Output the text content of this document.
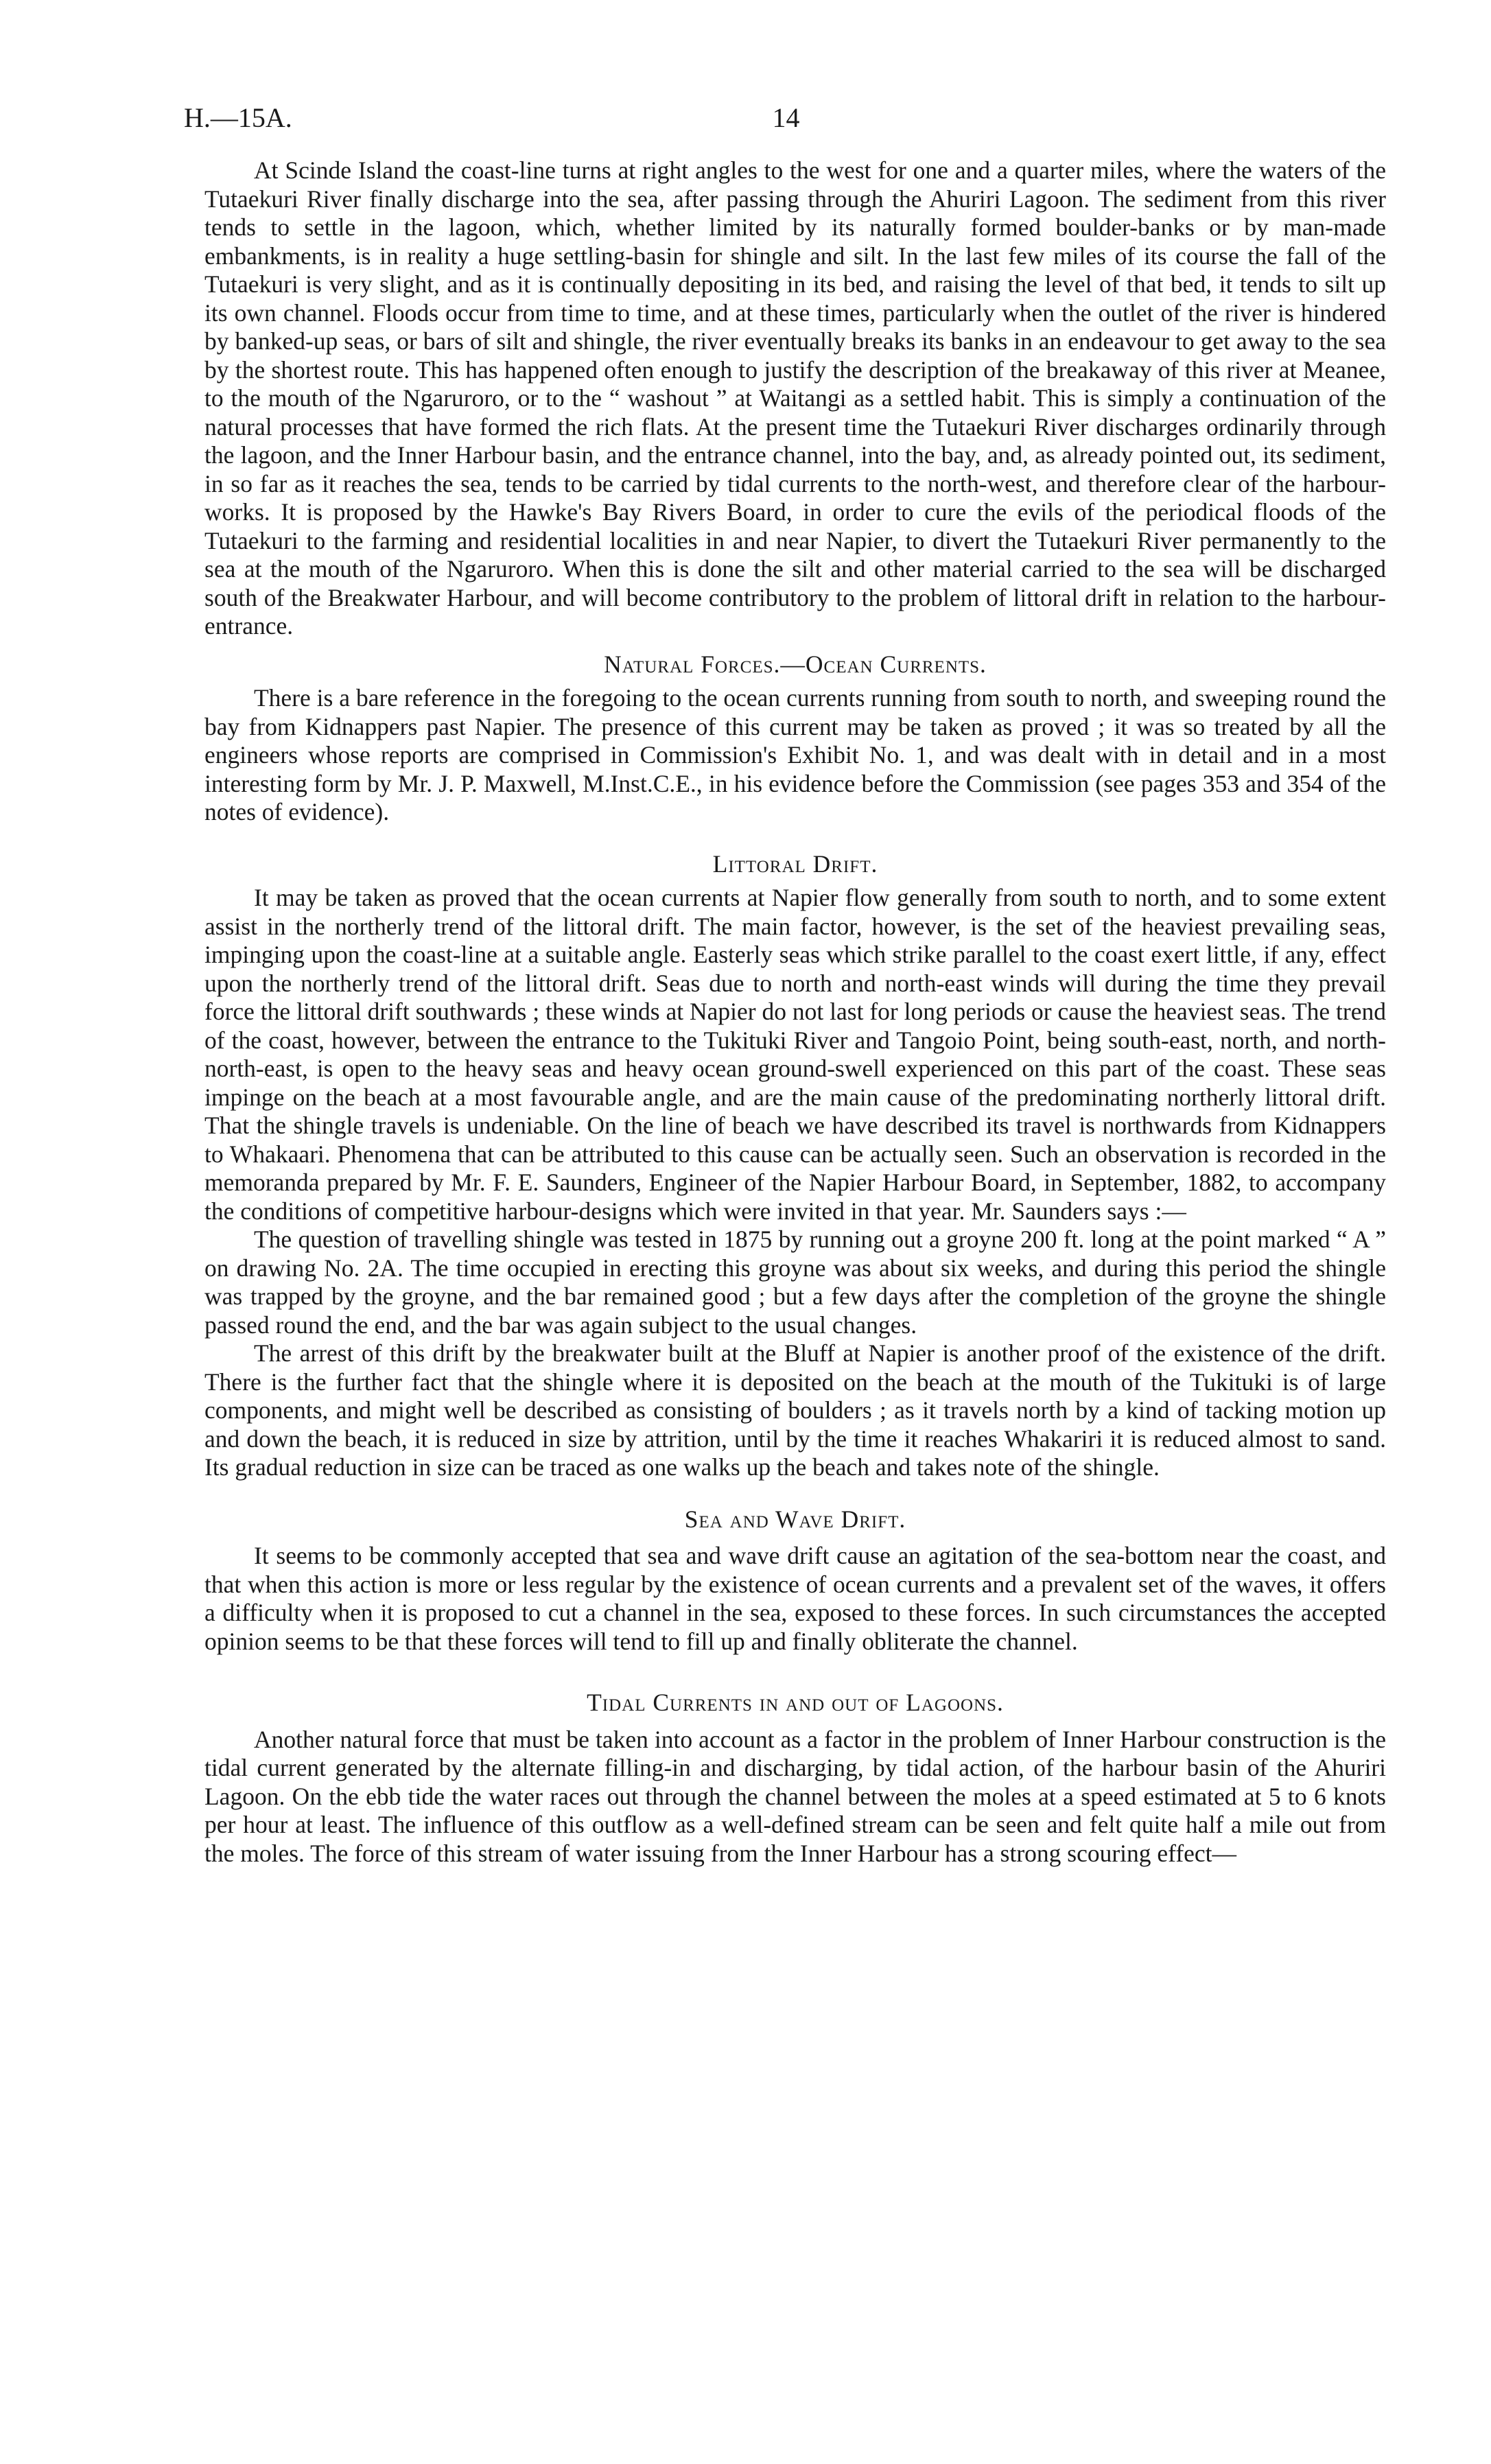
H.—15A.	14

At Scinde Island the coast-line turns at right angles to the west for one and a quarter miles, where the waters of the Tutaekuri River finally discharge into the sea, after passing through the Ahuriri Lagoon. The sediment from this river tends to settle in the lagoon, which, whether limited by its naturally formed boulder-banks or by man-made embankments, is in reality a huge settling-basin for shingle and silt. In the last few miles of its course the fall of the Tutaekuri is very slight, and as it is continually depositing in its bed, and raising the level of that bed, it tends to silt up its own channel. Floods occur from time to time, and at these times, particularly when the outlet of the river is hindered by banked-up seas, or bars of silt and shingle, the river eventually breaks its banks in an endeavour to get away to the sea by the shortest route. This has happened often enough to justify the description of the breakaway of this river at Meanee, to the mouth of the Ngaruroro, or to the “ washout ” at Waitangi as a settled habit. This is simply a continuation of the natural processes that have formed the rich flats. At the present time the Tutaekuri River discharges ordinarily through the lagoon, and the Inner Harbour basin, and the entrance channel, into the bay, and, as already pointed out, its sediment, in so far as it reaches the sea, tends to be carried by tidal currents to the north-west, and therefore clear of the harbour-works. It is proposed by the Hawke's Bay Rivers Board, in order to cure the evils of the periodical floods of the Tutaekuri to the farming and residential localities in and near Napier, to divert the Tutaekuri River permanently to the sea at the mouth of the Ngaruroro. When this is done the silt and other material carried to the sea will be discharged south of the Breakwater Harbour, and will become contributory to the problem of littoral drift in relation to the harbour-entrance.

Natural Forces.—Ocean Currents.

There is a bare reference in the foregoing to the ocean currents running from south to north, and sweeping round the bay from Kidnappers past Napier. The presence of this current may be taken as proved ; it was so treated by all the engineers whose reports are comprised in Commission's Exhibit No. 1, and was dealt with in detail and in a most interesting form by Mr. J. P. Maxwell, M.Inst.C.E., in his evidence before the Commission (see pages 353 and 354 of the notes of evidence).

Littoral Drift.

It may be taken as proved that the ocean currents at Napier flow generally from south to north, and to some extent assist in the northerly trend of the littoral drift. The main factor, however, is the set of the heaviest prevailing seas, impinging upon the coast-line at a suitable angle. Easterly seas which strike parallel to the coast exert little, if any, effect upon the northerly trend of the littoral drift. Seas due to north and north-east winds will during the time they prevail force the littoral drift southwards ; these winds at Napier do not last for long periods or cause the heaviest seas. The trend of the coast, however, between the entrance to the Tukituki River and Tangoio Point, being south-east, north, and north-north-east, is open to the heavy seas and heavy ocean ground-swell experienced on this part of the coast. These seas impinge on the beach at a most favourable angle, and are the main cause of the predominating northerly littoral drift. That the shingle travels is undeniable. On the line of beach we have described its travel is northwards from Kidnappers to Whakaari. Phenomena that can be attributed to this cause can be actually seen. Such an observation is recorded in the memoranda prepared by Mr. F. E. Saunders, Engineer of the Napier Harbour Board, in September, 1882, to accompany the conditions of competitive harbour-designs which were invited in that year. Mr. Saunders says :—

The question of travelling shingle was tested in 1875 by running out a groyne 200 ft. long at the point marked “ A ” on drawing No. 2A. The time occupied in erecting this groyne was about six weeks, and during this period the shingle was trapped by the groyne, and the bar remained good ; but a few days after the completion of the groyne the shingle passed round the end, and the bar was again subject to the usual changes.

The arrest of this drift by the breakwater built at the Bluff at Napier is another proof of the existence of the drift. There is the further fact that the shingle where it is deposited on the beach at the mouth of the Tukituki is of large components, and might well be described as consisting of boulders ; as it travels north by a kind of tacking motion up and down the beach, it is reduced in size by attrition, until by the time it reaches Whakariri it is reduced almost to sand. Its gradual reduction in size can be traced as one walks up the beach and takes note of the shingle.

Sea and Wave Drift.

It seems to be commonly accepted that sea and wave drift cause an agitation of the sea-bottom near the coast, and that when this action is more or less regular by the existence of ocean currents and a prevalent set of the waves, it offers a difficulty when it is proposed to cut a channel in the sea, exposed to these forces. In such circumstances the accepted opinion seems to be that these forces will tend to fill up and finally obliterate the channel.

Tidal Currents in and out of Lagoons.

Another natural force that must be taken into account as a factor in the problem of Inner Harbour construction is the tidal current generated by the alternate filling-in and discharging, by tidal action, of the harbour basin of the Ahuriri Lagoon. On the ebb tide the water races out through the channel between the moles at a speed estimated at 5 to 6 knots per hour at least. The influence of this outflow as a well-defined stream can be seen and felt quite half a mile out from the moles. The force of this stream of water issuing from the Inner Harbour has a strong scouring effect—
